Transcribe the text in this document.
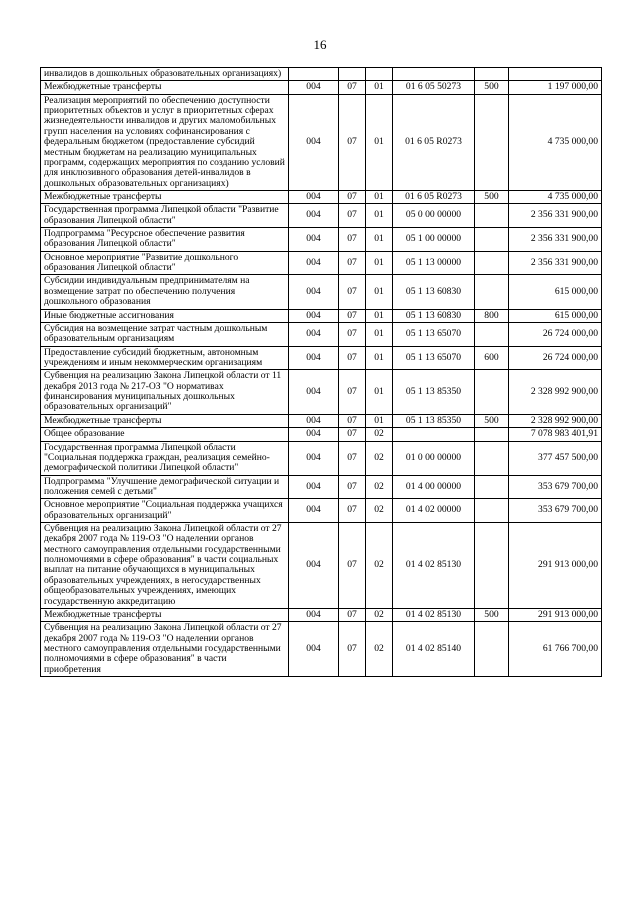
16
инвалидов в дошкольных образовательных организациях)						
Межбюджетные трансферты	004	07	01	01 6 05 50273	500	1 197 000,00
Реализация мероприятий по обеспечению доступности приоритетных объектов и услуг в приоритетных сферах жизнедеятельности инвалидов и других маломобильных групп населения на условиях софинансирования с федеральным бюджетом (предоставление субсидий местным бюджетам на реализацию муниципальных программ, содержащих мероприятия по созданию условий для инклюзивного образования детей-инвалидов в дошкольных образовательных организациях)	004	07	01	01 6 05 R0273		4 735 000,00
Межбюджетные трансферты	004	07	01	01 6 05 R0273	500	4 735 000,00
Государственная программа Липецкой области "Развитие образования Липецкой области"	004	07	01	05 0 00 00000		2 356 331 900,00
Подпрограмма "Ресурсное обеспечение развития образования Липецкой области"	004	07	01	05 1 00 00000		2 356 331 900,00
Основное мероприятие "Развитие дошкольного образования Липецкой области"	004	07	01	05 1 13 00000		2 356 331 900,00
Субсидии индивидуальным предпринимателям на возмещение затрат по обеспечению получения дошкольного образования	004	07	01	05 1 13 60830		615 000,00
Иные бюджетные ассигнования	004	07	01	05 1 13 60830	800	615 000,00
Субсидия на возмещение затрат частным дошкольным образовательным организациям	004	07	01	05 1 13 65070		26 724 000,00
Предоставление субсидий бюджетным, автономным учреждениям и иным некоммерческим организациям	004	07	01	05 1 13 65070	600	26 724 000,00
Субвенция на реализацию Закона Липецкой области от 11 декабря 2013 года № 217-ОЗ "О нормативах финансирования муниципальных дошкольных образовательных организаций"	004	07	01	05 1 13 85350		2 328 992 900,00
Межбюджетные трансферты	004	07	01	05 1 13 85350	500	2 328 992 900,00
Общее образование	004	07	02			7 078 983 401,91
Государственная программа Липецкой области "Социальная поддержка граждан, реализация семейно-демографической политики Липецкой области"	004	07	02	01 0 00 00000		377 457 500,00
Подпрограмма "Улучшение демографической ситуации и положения семей с детьми"	004	07	02	01 4 00 00000		353 679 700,00
Основное мероприятие "Социальная поддержка учащихся образовательных организаций"	004	07	02	01 4 02 00000		353 679 700,00
Субвенция на реализацию Закона Липецкой области от 27 декабря 2007 года № 119-ОЗ "О наделении органов местного самоуправления отдельными государственными полномочиями в сфере образования" в части социальных выплат на питание обучающихся в муниципальных образовательных учреждениях, в негосударственных общеобразовательных учреждениях, имеющих государственную аккредитацию	004	07	02	01 4 02 85130		291 913 000,00
Межбюджетные трансферты	004	07	02	01 4 02 85130	500	291 913 000,00
Субвенция на реализацию Закона Липецкой области от 27 декабря 2007 года № 119-ОЗ "О наделении органов местного самоуправления отдельными государственными полномочиями в сфере образования" в части приобретения	004	07	02	01 4 02 85140		61 766 700,00
